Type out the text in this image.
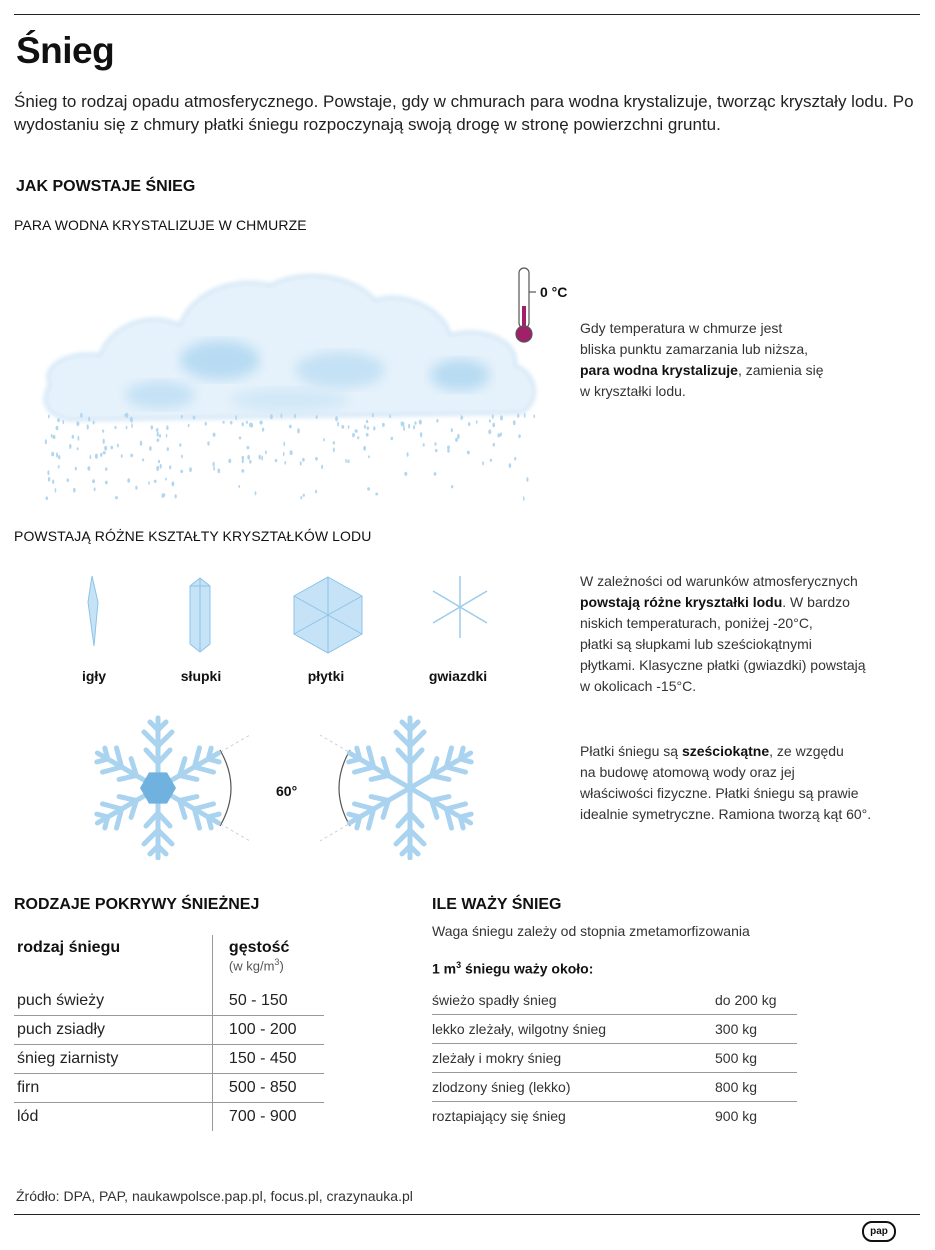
Śnieg
Śnieg to rodzaj opadu atmosferycznego. Powstaje, gdy w chmurach para wodna krystalizuje, tworząc kryształy lodu. Po wydostaniu się z chmury płatki śniegu rozpoczynają swoją drogę w stronę powierzchni gruntu.
JAK POWSTAJE ŚNIEG
PARA WODNA KRYSTALIZUJE W CHMURZE
0 °C
Gdy temperatura w chmurze jest
bliska punktu zamarzania lub niższa,
para wodna krystalizuje, zamienia się
w kryształki lodu.
POWSTAJĄ RÓŻNE KSZTAŁTY KRYSZTAŁKÓW LODU
igły	słupki	płytki	gwiazdki
W zależności od warunków atmosferycznych
powstają różne kryształki lodu. W bardzo
niskich temperaturach, poniżej -20°C,
płatki są słupkami lub sześciokątnymi
płytkami. Klasyczne płatki (gwiazdki) powstają
w okolicach -15°C.
60°
Płatki śniegu są sześciokątne, ze wzgędu
na budowę atomową wody oraz jej
właściwości fizyczne. Płatki śniegu są prawie
idealnie symetryczne. Ramiona tworzą kąt 60°.
RODZAJE POKRYWY ŚNIEŻNEJ
rodzaj śniegu	gęstość
(w $kg/m^3$)
puch świeży	50 - 150
puch zsiadły	100 - 200
śnieg ziarnisty	150 - 450
firn	500 - 850
lód	700 - 900
ILE WAŻY ŚNIEG
Waga śniegu zależy od stopnia zmetamorfizowania
1 $m^3$ śniegu waży około:
świeżo spadły śnieg	do 200 kg
lekko zleżały, wilgotny śnieg	300 kg
zleżały i mokry śnieg	500 kg
zlodzony śnieg (lekko)	800 kg
roztapiający się śnieg	900 kg
Źródło: DPA, PAP, naukawpolsce.pap.pl, focus.pl, crazynauka.pl
pap
